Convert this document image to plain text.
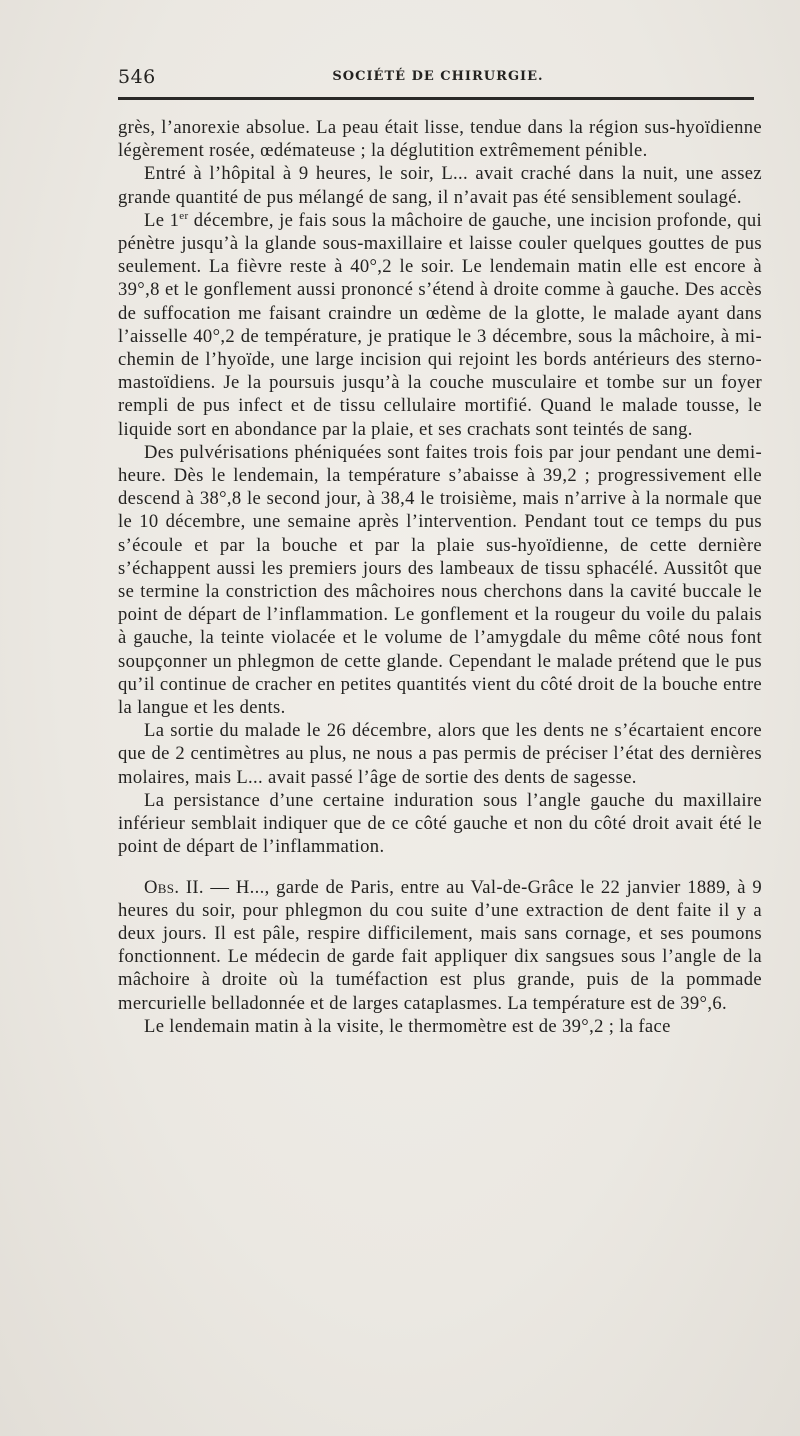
546	SOCIÉTÉ DE CHIRURGIE.

grès, l’anorexie absolue. La peau était lisse, tendue dans la région sus-hyoïdienne légèrement rosée, œdémateuse ; la déglutition extrêmement pénible.

Entré à l’hôpital à 9 heures, le soir, L... avait craché dans la nuit, une assez grande quantité de pus mélangé de sang, il n’avait pas été sensiblement soulagé.

Le 1er décembre, je fais sous la mâchoire de gauche, une incision profonde, qui pénètre jusqu’à la glande sous-maxillaire et laisse couler quelques gouttes de pus seulement. La fièvre reste à 40°,2 le soir. Le lendemain matin elle est encore à 39°,8 et le gonflement aussi prononcé s’étend à droite comme à gauche. Des accès de suffocation me faisant craindre un œdème de la glotte, le malade ayant dans l’aisselle 40°,2 de température, je pratique le 3 décembre, sous la mâchoire, à mi-chemin de l’hyoïde, une large incision qui rejoint les bords antérieurs des sterno-mastoïdiens. Je la poursuis jusqu’à la couche musculaire et tombe sur un foyer rempli de pus infect et de tissu cellulaire mortifié. Quand le malade tousse, le liquide sort en abondance par la plaie, et ses crachats sont teintés de sang.

Des pulvérisations phéniquées sont faites trois fois par jour pendant une demi-heure. Dès le lendemain, la température s’abaisse à 39,2 ; progressivement elle descend à 38°,8 le second jour, à 38,4 le troisième, mais n’arrive à la normale que le 10 décembre, une semaine après l’intervention. Pendant tout ce temps du pus s’écoule et par la bouche et par la plaie sus-hyoïdienne, de cette dernière s’échappent aussi les premiers jours des lambeaux de tissu sphacélé. Aussitôt que se termine la constriction des mâchoires nous cherchons dans la cavité buccale le point de départ de l’inflammation. Le gonflement et la rougeur du voile du palais à gauche, la teinte violacée et le volume de l’amygdale du même côté nous font soupçonner un phlegmon de cette glande. Cependant le malade prétend que le pus qu’il continue de cracher en petites quantités vient du côté droit de la bouche entre la langue et les dents.

La sortie du malade le 26 décembre, alors que les dents ne s’écartaient encore que de 2 centimètres au plus, ne nous a pas permis de préciser l’état des dernières molaires, mais L... avait passé l’âge de sortie des dents de sagesse.

La persistance d’une certaine induration sous l’angle gauche du maxillaire inférieur semblait indiquer que de ce côté gauche et non du côté droit avait été le point de départ de l’inflammation.

Obs. II. — H..., garde de Paris, entre au Val-de-Grâce le 22 janvier 1889, à 9 heures du soir, pour phlegmon du cou suite d’une extraction de dent faite il y a deux jours. Il est pâle, respire difficilement, mais sans cornage, et ses poumons fonctionnent. Le médecin de garde fait appliquer dix sangsues sous l’angle de la mâchoire à droite où la tuméfaction est plus grande, puis de la pommade mercurielle belladonnée et de larges cataplasmes. La température est de 39°,6.

Le lendemain matin à la visite, le thermomètre est de 39°,2 ; la face
